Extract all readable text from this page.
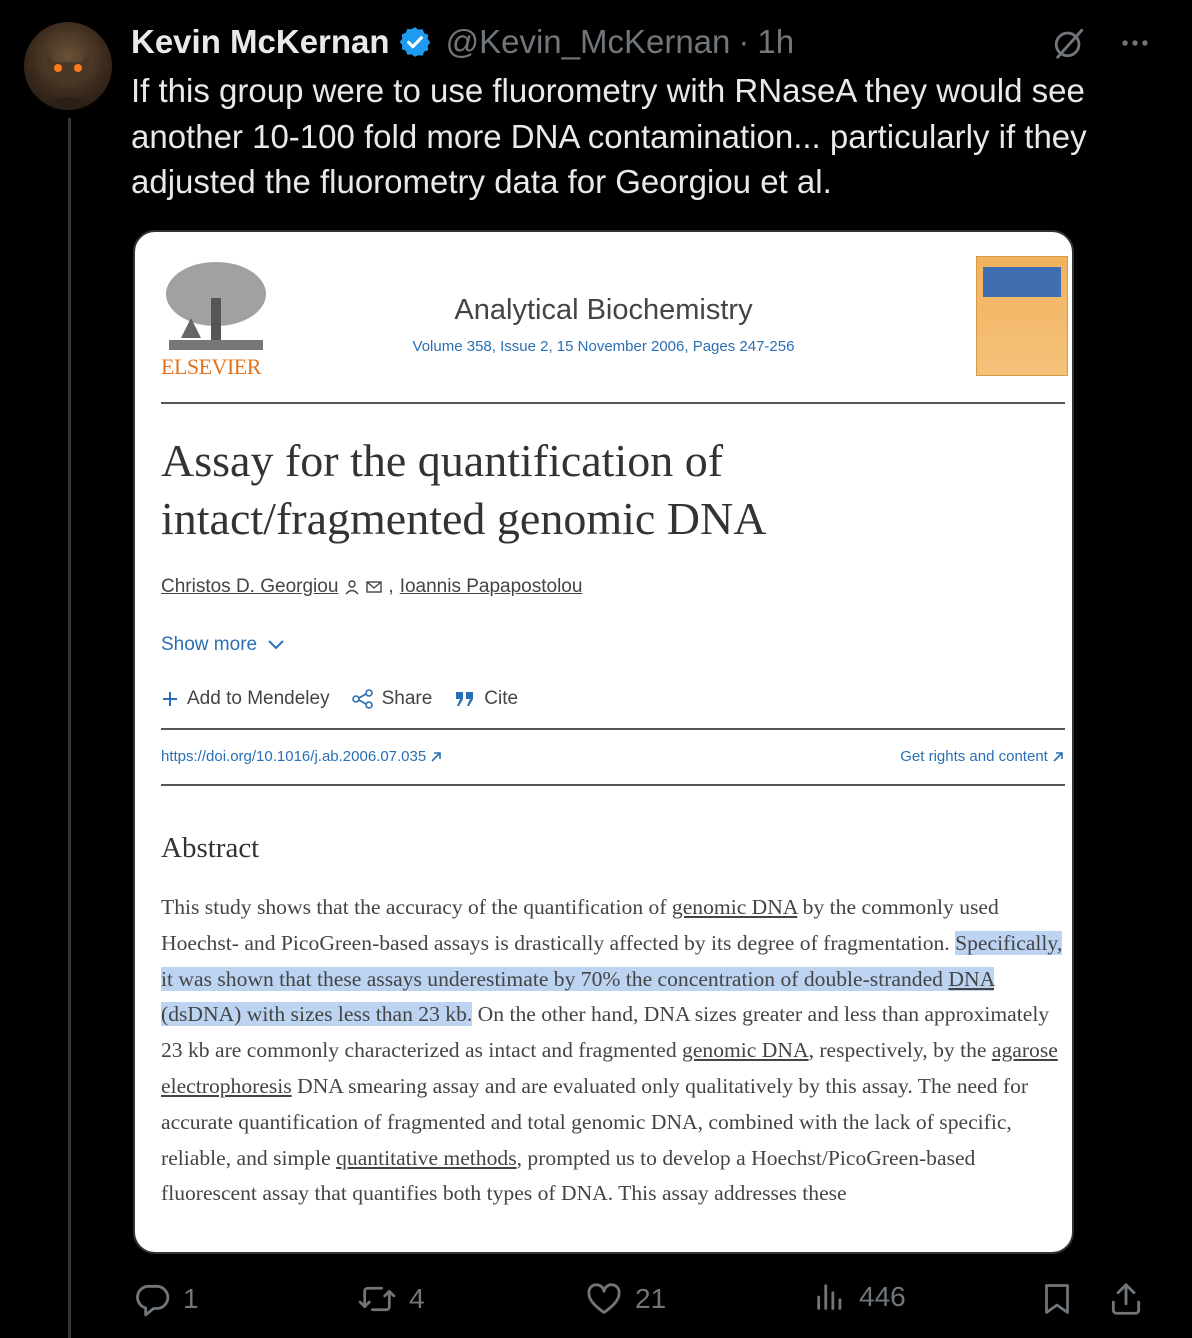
Kevin McKernan @Kevin_McKernan · 1h
If this group were to use fluorometry with RNaseA they would see another 10-100 fold more DNA contamination... particularly if they adjusted the fluorometry data for Georgiou et al.
ELSEVIER
Analytical Biochemistry
Volume 358, Issue 2, 15 November 2006, Pages 247-256
Assay for the quantification of intact/fragmented genomic DNA
Christos D. Georgiou	, Ioannis Papapostolou
Show more
Add to Mendeley	Share	Cite
https://doi.org/10.1016/j.ab.2006.07.035	Get rights and content
Abstract
This study shows that the accuracy of the quantification of genomic DNA by the commonly used Hoechst- and PicoGreen-based assays is drastically affected by its degree of fragmentation. Specifically, it was shown that these assays underestimate by 70% the concentration of double-stranded DNA (dsDNA) with sizes less than 23 kb. On the other hand, DNA sizes greater and less than approximately 23 kb are commonly characterized as intact and fragmented genomic DNA, respectively, by the agarose electrophoresis DNA smearing assay and are evaluated only qualitatively by this assay. The need for accurate quantification of fragmented and total genomic DNA, combined with the lack of specific, reliable, and simple quantitative methods, prompted us to develop a Hoechst/PicoGreen-based fluorescent assay that quantifies both types of DNA. This assay addresses these
1	4	21	446
